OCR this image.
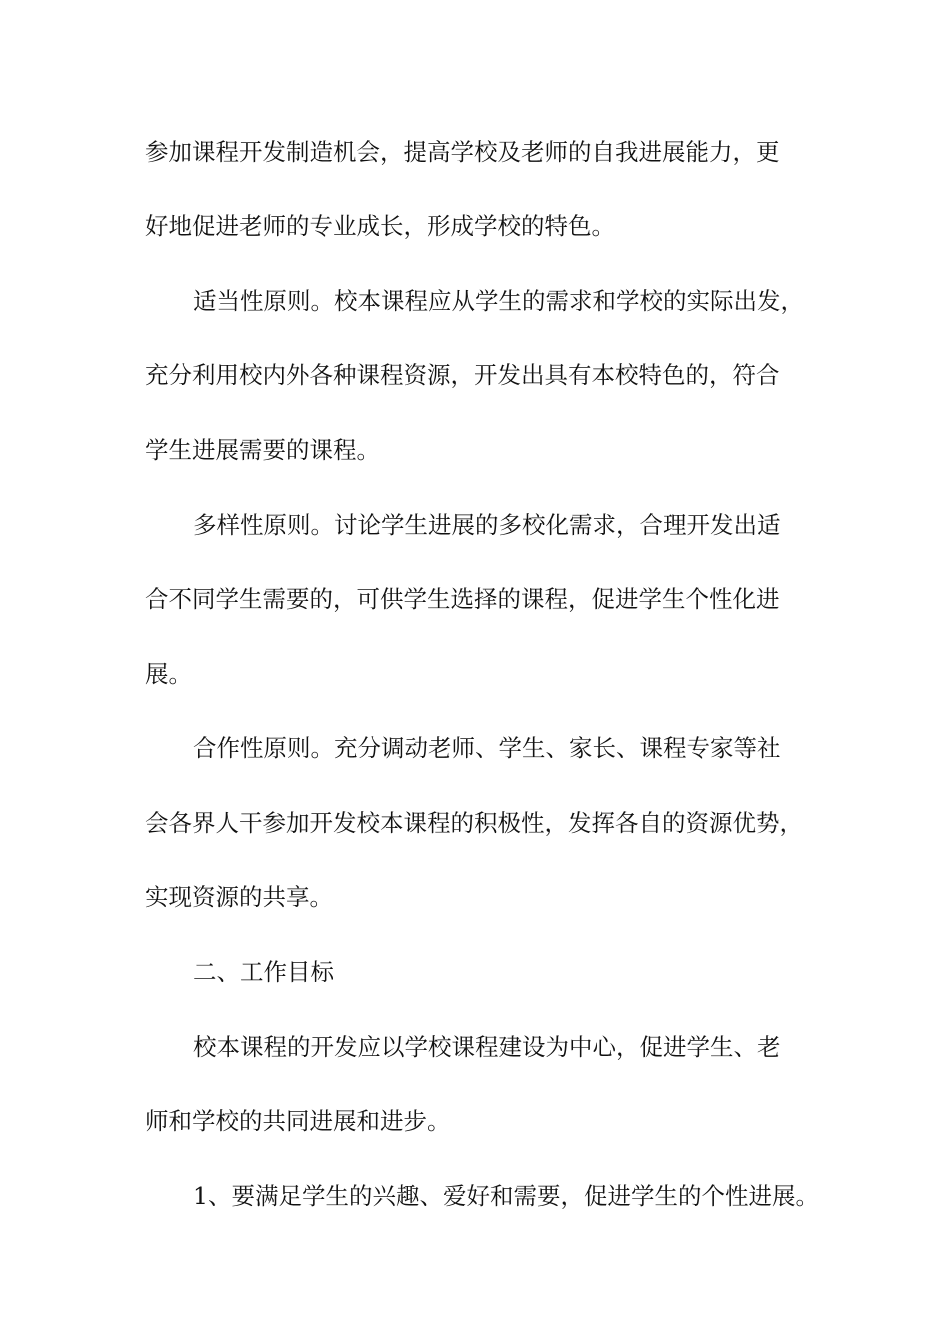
参加课程开发制造机会，提高学校及老师的自我进展能力，更
好地促进老师的专业成长，形成学校的特色。
适当性原则。校本课程应从学生的需求和学校的实际出发，
充分利用校内外各种课程资源，开发出具有本校特色的，符合
学生进展需要的课程。
多样性原则。讨论学生进展的多校化需求，合理开发出适
合不同学生需要的，可供学生选择的课程，促进学生个性化进
展。
合作性原则。充分调动老师、学生、家长、课程专家等社
会各界人干参加开发校本课程的积极性，发挥各自的资源优势，
实现资源的共享。
二、工作目标
校本课程的开发应以学校课程建设为中心，促进学生、老
师和学校的共同进展和进步。
1、要满足学生的兴趣、爱好和需要，促进学生的个性进展。
